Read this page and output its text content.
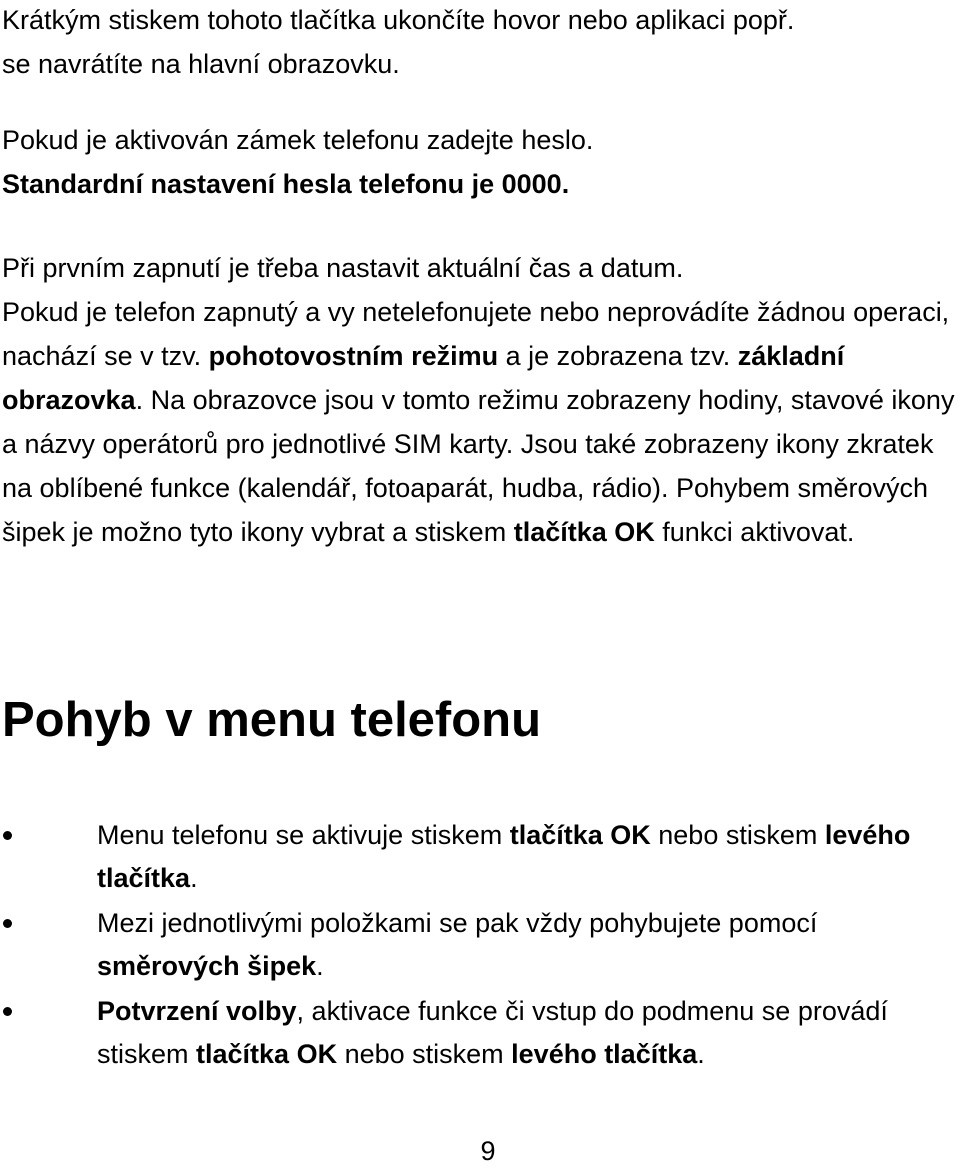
Krátkým stiskem tohoto tlačítka ukončíte hovor nebo aplikaci popř.
se navrátíte na hlavní obrazovku.

Pokud je aktivován zámek telefonu zadejte heslo.
Standardní nastavení hesla telefonu je 0000.

Při prvním zapnutí je třeba nastavit aktuální čas a datum.
Pokud je telefon zapnutý a vy netelefonujete nebo neprovádíte žádnou operaci, nachází se v tzv. pohotovostním režimu a je zobrazena tzv. základní obrazovka. Na obrazovce jsou v tomto režimu zobrazeny hodiny, stavové ikony a názvy operátorů pro jednotlivé SIM karty. Jsou také zobrazeny ikony zkratek na oblíbené funkce (kalendář, fotoaparát, hudba, rádio). Pohybem směrových šipek je možno tyto ikony vybrat a stiskem tlačítka OK funkci aktivovat.

Pohyb v menu telefonu
Menu telefonu se aktivuje stiskem tlačítka OK nebo stiskem levého tlačítka.
Mezi jednotlivými položkami se pak vždy pohybujete pomocí směrových šipek.
Potvrzení volby, aktivace funkce či vstup do podmenu se provádí stiskem tlačítka OK nebo stiskem levého tlačítka.
9
